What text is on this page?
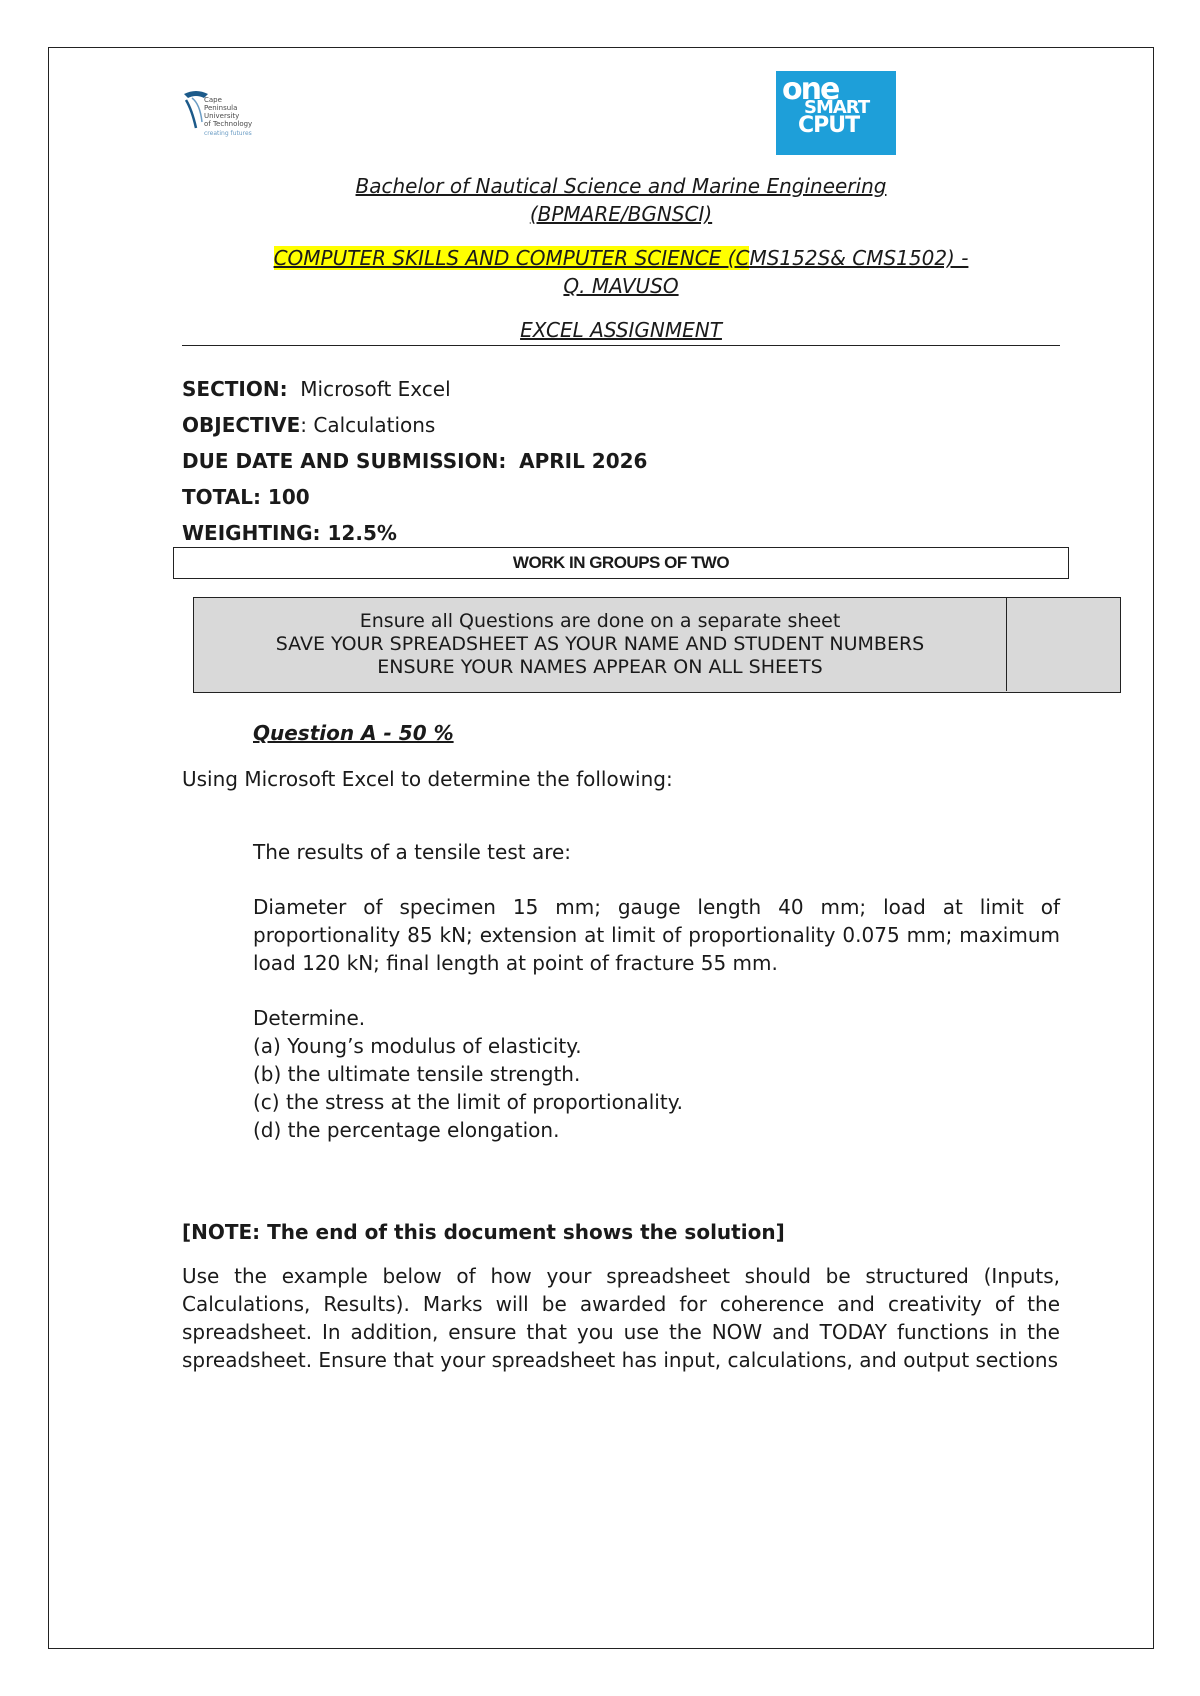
Cape
Peninsula
University
of Technology
creating futures
one
SMART
CPUT
Bachelor of Nautical Science and Marine Engineering
(BPMARE/BGNSCI)
COMPUTER SKILLS AND COMPUTER SCIENCE (CMS152S& CMS1502) -
Q. MAVUSO
EXCEL ASSIGNMENT
SECTION: Microsoft Excel
OBJECTIVE: Calculations
DUE DATE AND SUBMISSION: APRIL 2026
TOTAL: 100
WEIGHTING: 12.5%
WORK IN GROUPS OF TWO
Ensure all Questions are done on a separate sheet
SAVE YOUR SPREADSHEET AS YOUR NAME AND STUDENT NUMBERS
ENSURE YOUR NAMES APPEAR ON ALL SHEETS
Question A - 50 %
Using Microsoft Excel to determine the following:
The results of a tensile test are:
Diameter of specimen 15 mm; gauge length 40 mm; load at limit of proportionality 85 kN; extension at limit of proportionality 0.075 mm; maximum load 120 kN; final length at point of fracture 55 mm.
Determine.
(a) Young’s modulus of elasticity.
(b) the ultimate tensile strength.
(c) the stress at the limit of proportionality.
(d) the percentage elongation.
[NOTE: The end of this document shows the solution]
Use the example below of how your spreadsheet should be structured (Inputs, Calculations, Results). Marks will be awarded for coherence and creativity of the spreadsheet. In addition, ensure that you use the NOW and TODAY functions in the spreadsheet. Ensure that your spreadsheet has input, calculations, and output sections
